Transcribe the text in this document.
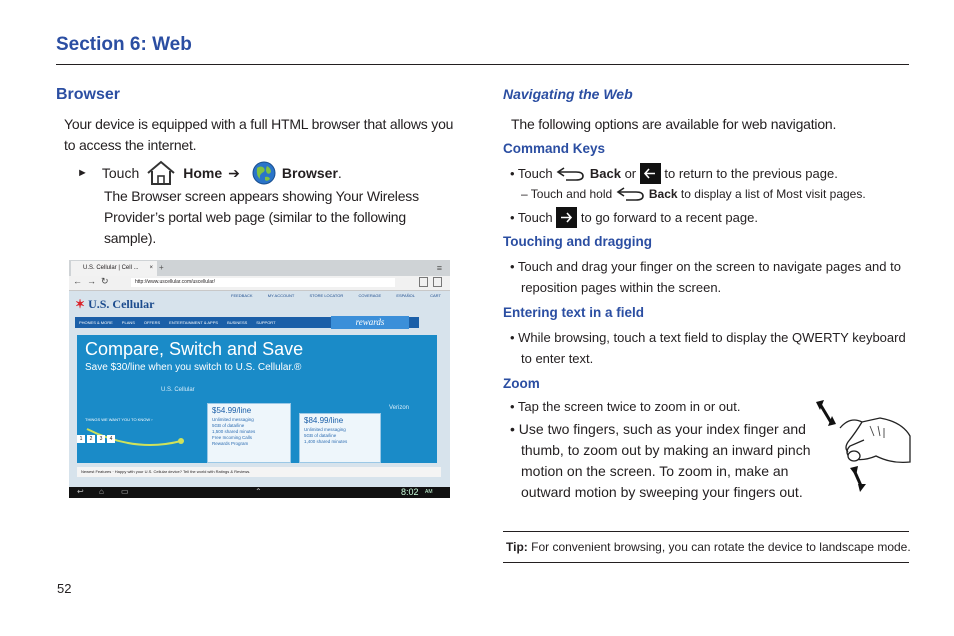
Section 6: Web
Browser
Your device is equipped with a full HTML browser that allows you to access the internet.
► Touch	Home ➔	Browser .
The Browser screen appears showing Your Wireless Provider’s portal web page (similar to the following sample).
U.S. Cellular | Cell ... × +	≡
← → ↻	http://www.uscellular.com/uscellular/
✶ U.S. Cellular
FEEDBACK	MY ACCOUNT	STORE LOCATOR	COVERAGE	ESPAÑOL	CART
PHONES & MORE PLANS OFFERS ENTERTAINMENT & APPS BUSINESS SUPPORT	rewards
Compare, Switch and Save
Save $30/line when you switch to U.S. Cellular.®
U.S. Cellular
THINGS WE WANT YOU TO KNOW ›
$54.99/line
Unlimited messaging
5GB of data/line
1,500 shared minutes
Free Incoming Calls
Rewards Program
$84.99/line
Unlimited messaging
5GB of data/line
1,400 shared minutes
Verizon
1	2	3	4
Newest Features · Happy with your U.S. Cellular device? Tell the world with Ratings & Reviews.
↩ ⌂ ▭	⌃	8:02 AM
Navigating the Web
The following options are available for web navigation.
Command Keys
• Touch	Back or to return to the previous page.
– Touch and hold	Back to display a list of Most visit pages.
• Touch to go forward to a recent page.
Touching and dragging
• Touch and drag your finger on the screen to navigate pages and to reposition pages within the screen.
Entering text in a field
• While browsing, touch a text field to display the QWERTY keyboard to enter text.
Zoom
• Tap the screen twice to zoom in or out.
• Use two fingers, such as your index finger and thumb, to zoom out by making an inward pinch motion on the screen. To zoom in, make an outward motion by sweeping your fingers out.
Tip: For convenient browsing, you can rotate the device to landscape mode.
52
